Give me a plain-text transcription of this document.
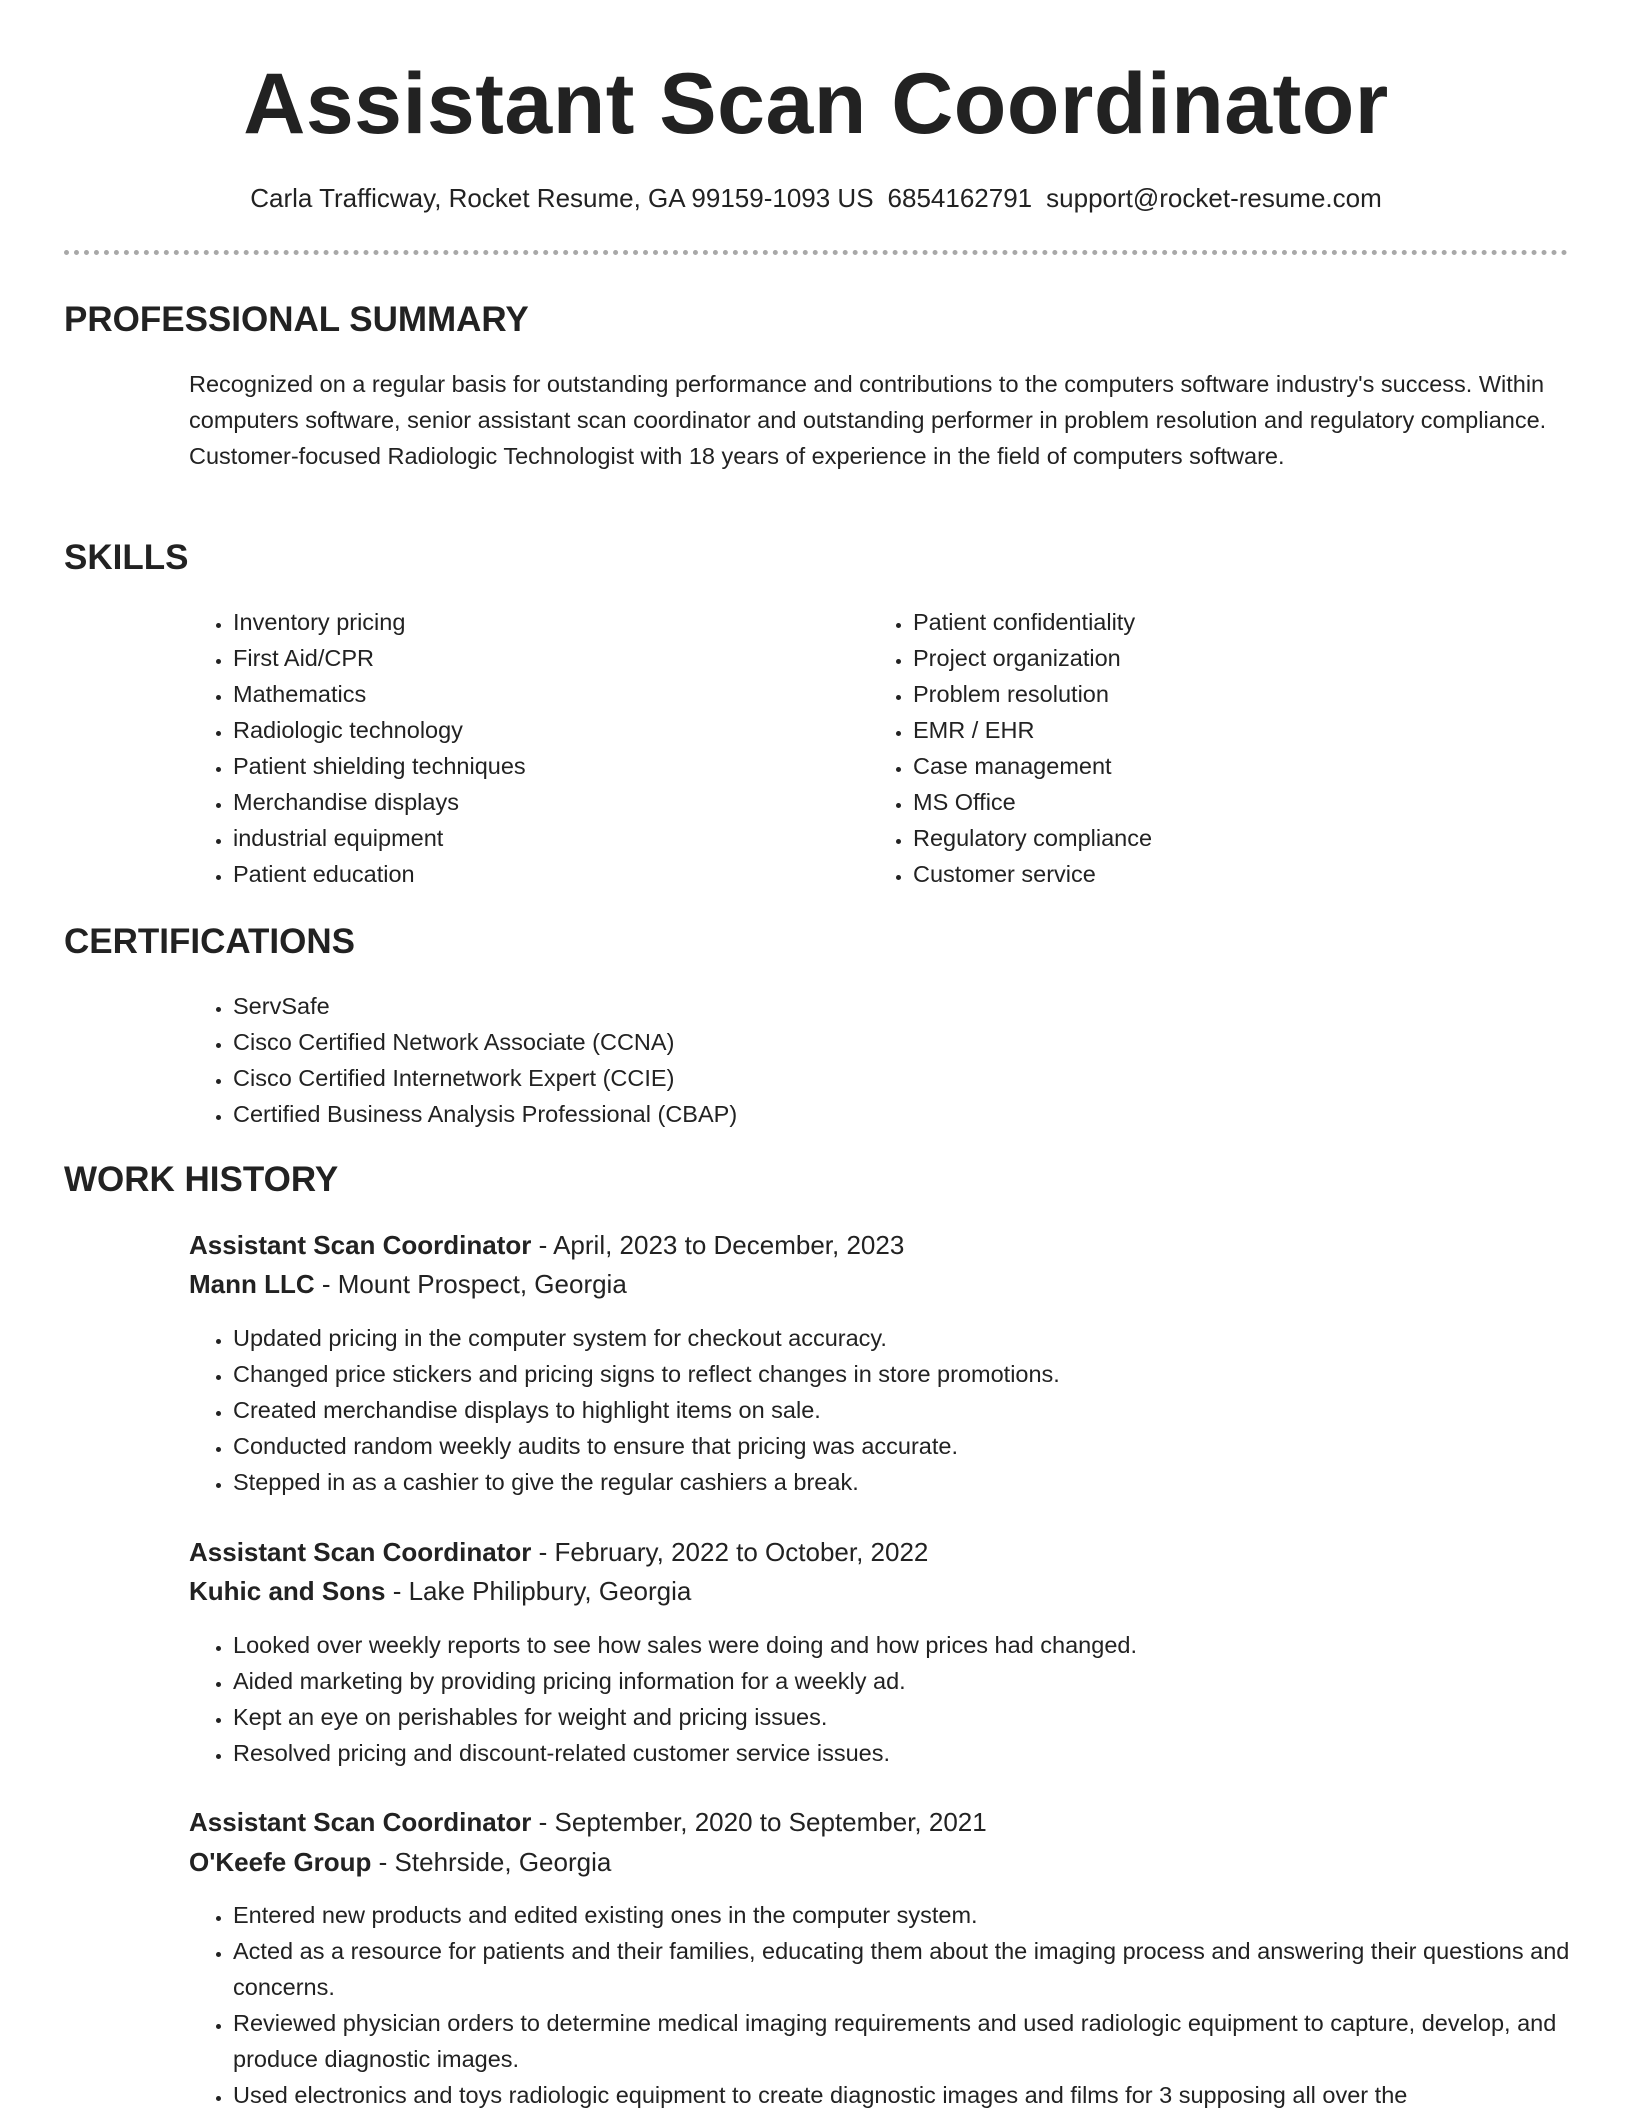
Assistant Scan Coordinator
Carla Trafficway, Rocket Resume, GA 99159-1093 US 6854162791 support@rocket-resume.com
PROFESSIONAL SUMMARY

Recognized on a regular basis for outstanding performance and contributions to the computers software industry's success. Within computers software, senior assistant scan coordinator and outstanding performer in problem resolution and regulatory compliance. Customer-focused Radiologic Technologist with 18 years of experience in the field of computers software.

SKILLS
• Inventory pricing
• First Aid/CPR
• Mathematics
• Radiologic technology
• Patient shielding techniques
• Merchandise displays
• industrial equipment
• Patient education
• Patient confidentiality
• Project organization
• Problem resolution
• EMR / EHR
• Case management
• MS Office
• Regulatory compliance
• Customer service
CERTIFICATIONS
• ServSafe
• Cisco Certified Network Associate (CCNA)
• Cisco Certified Internetwork Expert (CCIE)
• Certified Business Analysis Professional (CBAP)
WORK HISTORY
Assistant Scan Coordinator - April, 2023 to December, 2023
Mann LLC - Mount Prospect, Georgia
• Updated pricing in the computer system for checkout accuracy.
• Changed price stickers and pricing signs to reflect changes in store promotions.
• Created merchandise displays to highlight items on sale.
• Conducted random weekly audits to ensure that pricing was accurate.
• Stepped in as a cashier to give the regular cashiers a break.
Assistant Scan Coordinator - February, 2022 to October, 2022
Kuhic and Sons - Lake Philipbury, Georgia
• Looked over weekly reports to see how sales were doing and how prices had changed.
• Aided marketing by providing pricing information for a weekly ad.
• Kept an eye on perishables for weight and pricing issues.
• Resolved pricing and discount-related customer service issues.
Assistant Scan Coordinator - September, 2020 to September, 2021
O'Keefe Group - Stehrside, Georgia
• Entered new products and edited existing ones in the computer system.
• Acted as a resource for patients and their families, educating them about the imaging process and answering their questions and concerns.
• Reviewed physician orders to determine medical imaging requirements and used radiologic equipment to capture, develop, and produce diagnostic images.
• Used electronics and toys radiologic equipment to create diagnostic images and films for 3 supposing all over the
